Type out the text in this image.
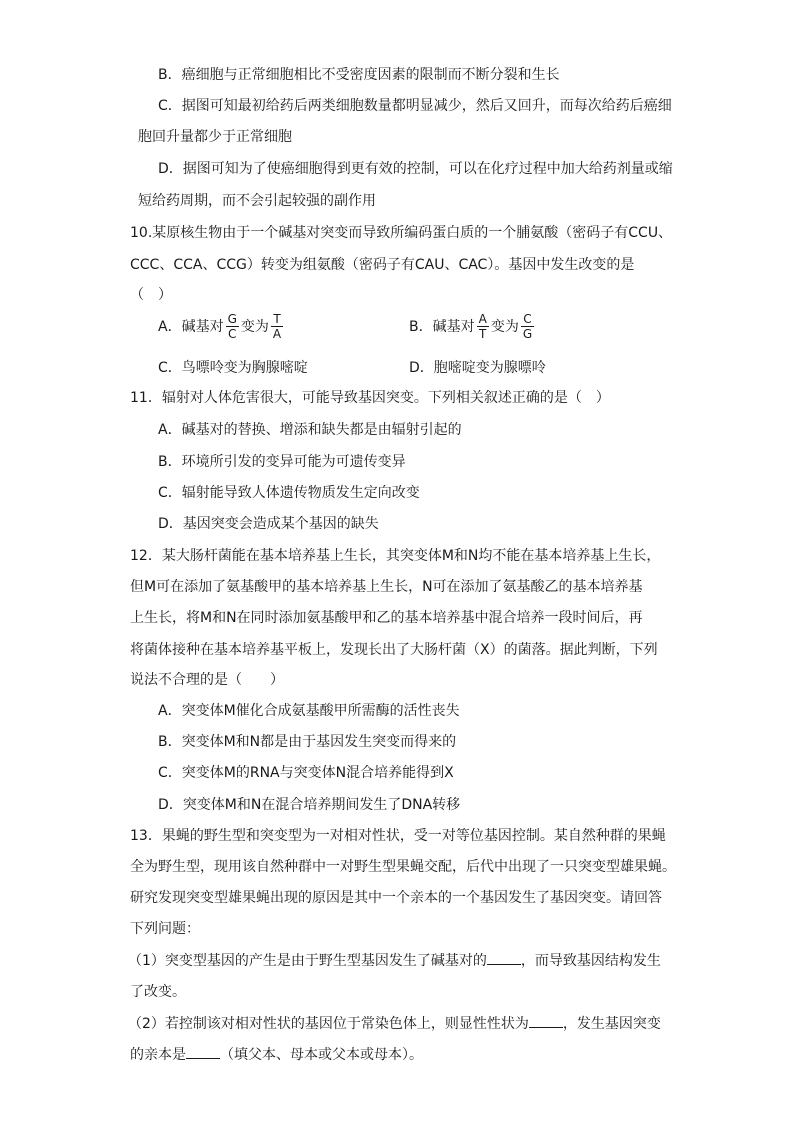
B．癌细胞与正常细胞相比不受密度因素的限制而不断分裂和生长
C．据图可知最初给药后两类细胞数量都明显减少，然后又回升，而每次给药后癌细
胞回升量都少于正常细胞
D．据图可知为了使癌细胞得到更有效的控制，可以在化疗过程中加大给药剂量或缩
短给药周期，而不会引起较强的副作用
10.某原核生物由于一个碱基对突变而导致所编码蛋白质的一个脯氨酸（密码子有CCU、
CCC、CCA、CCG）转变为组氨酸（密码子有CAU、CAC）。基因中发生改变的是
（　）
A．碱基对 $\frac{G}{C}$ 变为 $\frac{T}{A}$	B．碱基对 $\frac{A}{T}$ 变为 $\frac{C}{G}$
C．鸟嘌呤变为胸腺嘧啶	D．胞嘧啶变为腺嘌呤
11．辐射对人体危害很大，可能导致基因突变。下列相关叙述正确的是（　）
A．碱基对的替换、增添和缺失都是由辐射引起的
B．环境所引发的变异可能为可遗传变异
C．辐射能导致人体遗传物质发生定向改变
D．基因突变会造成某个基因的缺失
12．某大肠杆菌能在基本培养基上生长，其突变体M和N均不能在基本培养基上生长，
但M可在添加了氨基酸甲的基本培养基上生长，N可在添加了氨基酸乙的基本培养基
上生长，将M和N在同时添加氨基酸甲和乙的基本培养基中混合培养一段时间后，再
将菌体接种在基本培养基平板上，发现长出了大肠杆菌（X）的菌落。据此判断，下列
说法不合理的是（　　）
A．突变体M催化合成氨基酸甲所需酶的活性丧失
B．突变体M和N都是由于基因发生突变而得来的
C．突变体M的RNA与突变体N混合培养能得到X
D．突变体M和N在混合培养期间发生了DNA转移
13．果蝇的野生型和突变型为一对相对性状，受一对等位基因控制。某自然种群的果蝇
全为野生型，现用该自然种群中一对野生型果蝇交配，后代中出现了一只突变型雄果蝇。
研究发现突变型雄果蝇出现的原因是其中一个亲本的一个基因发生了基因突变。请回答
下列问题：
（1）突变型基因的产生是由于野生型基因发生了碱基对的 ，而导致基因结构发生
了改变。
（2）若控制该对相对性状的基因位于常染色体上，则显性性状为 ，发生基因突变
的亲本是 （填父本、母本或父本或母本）。
